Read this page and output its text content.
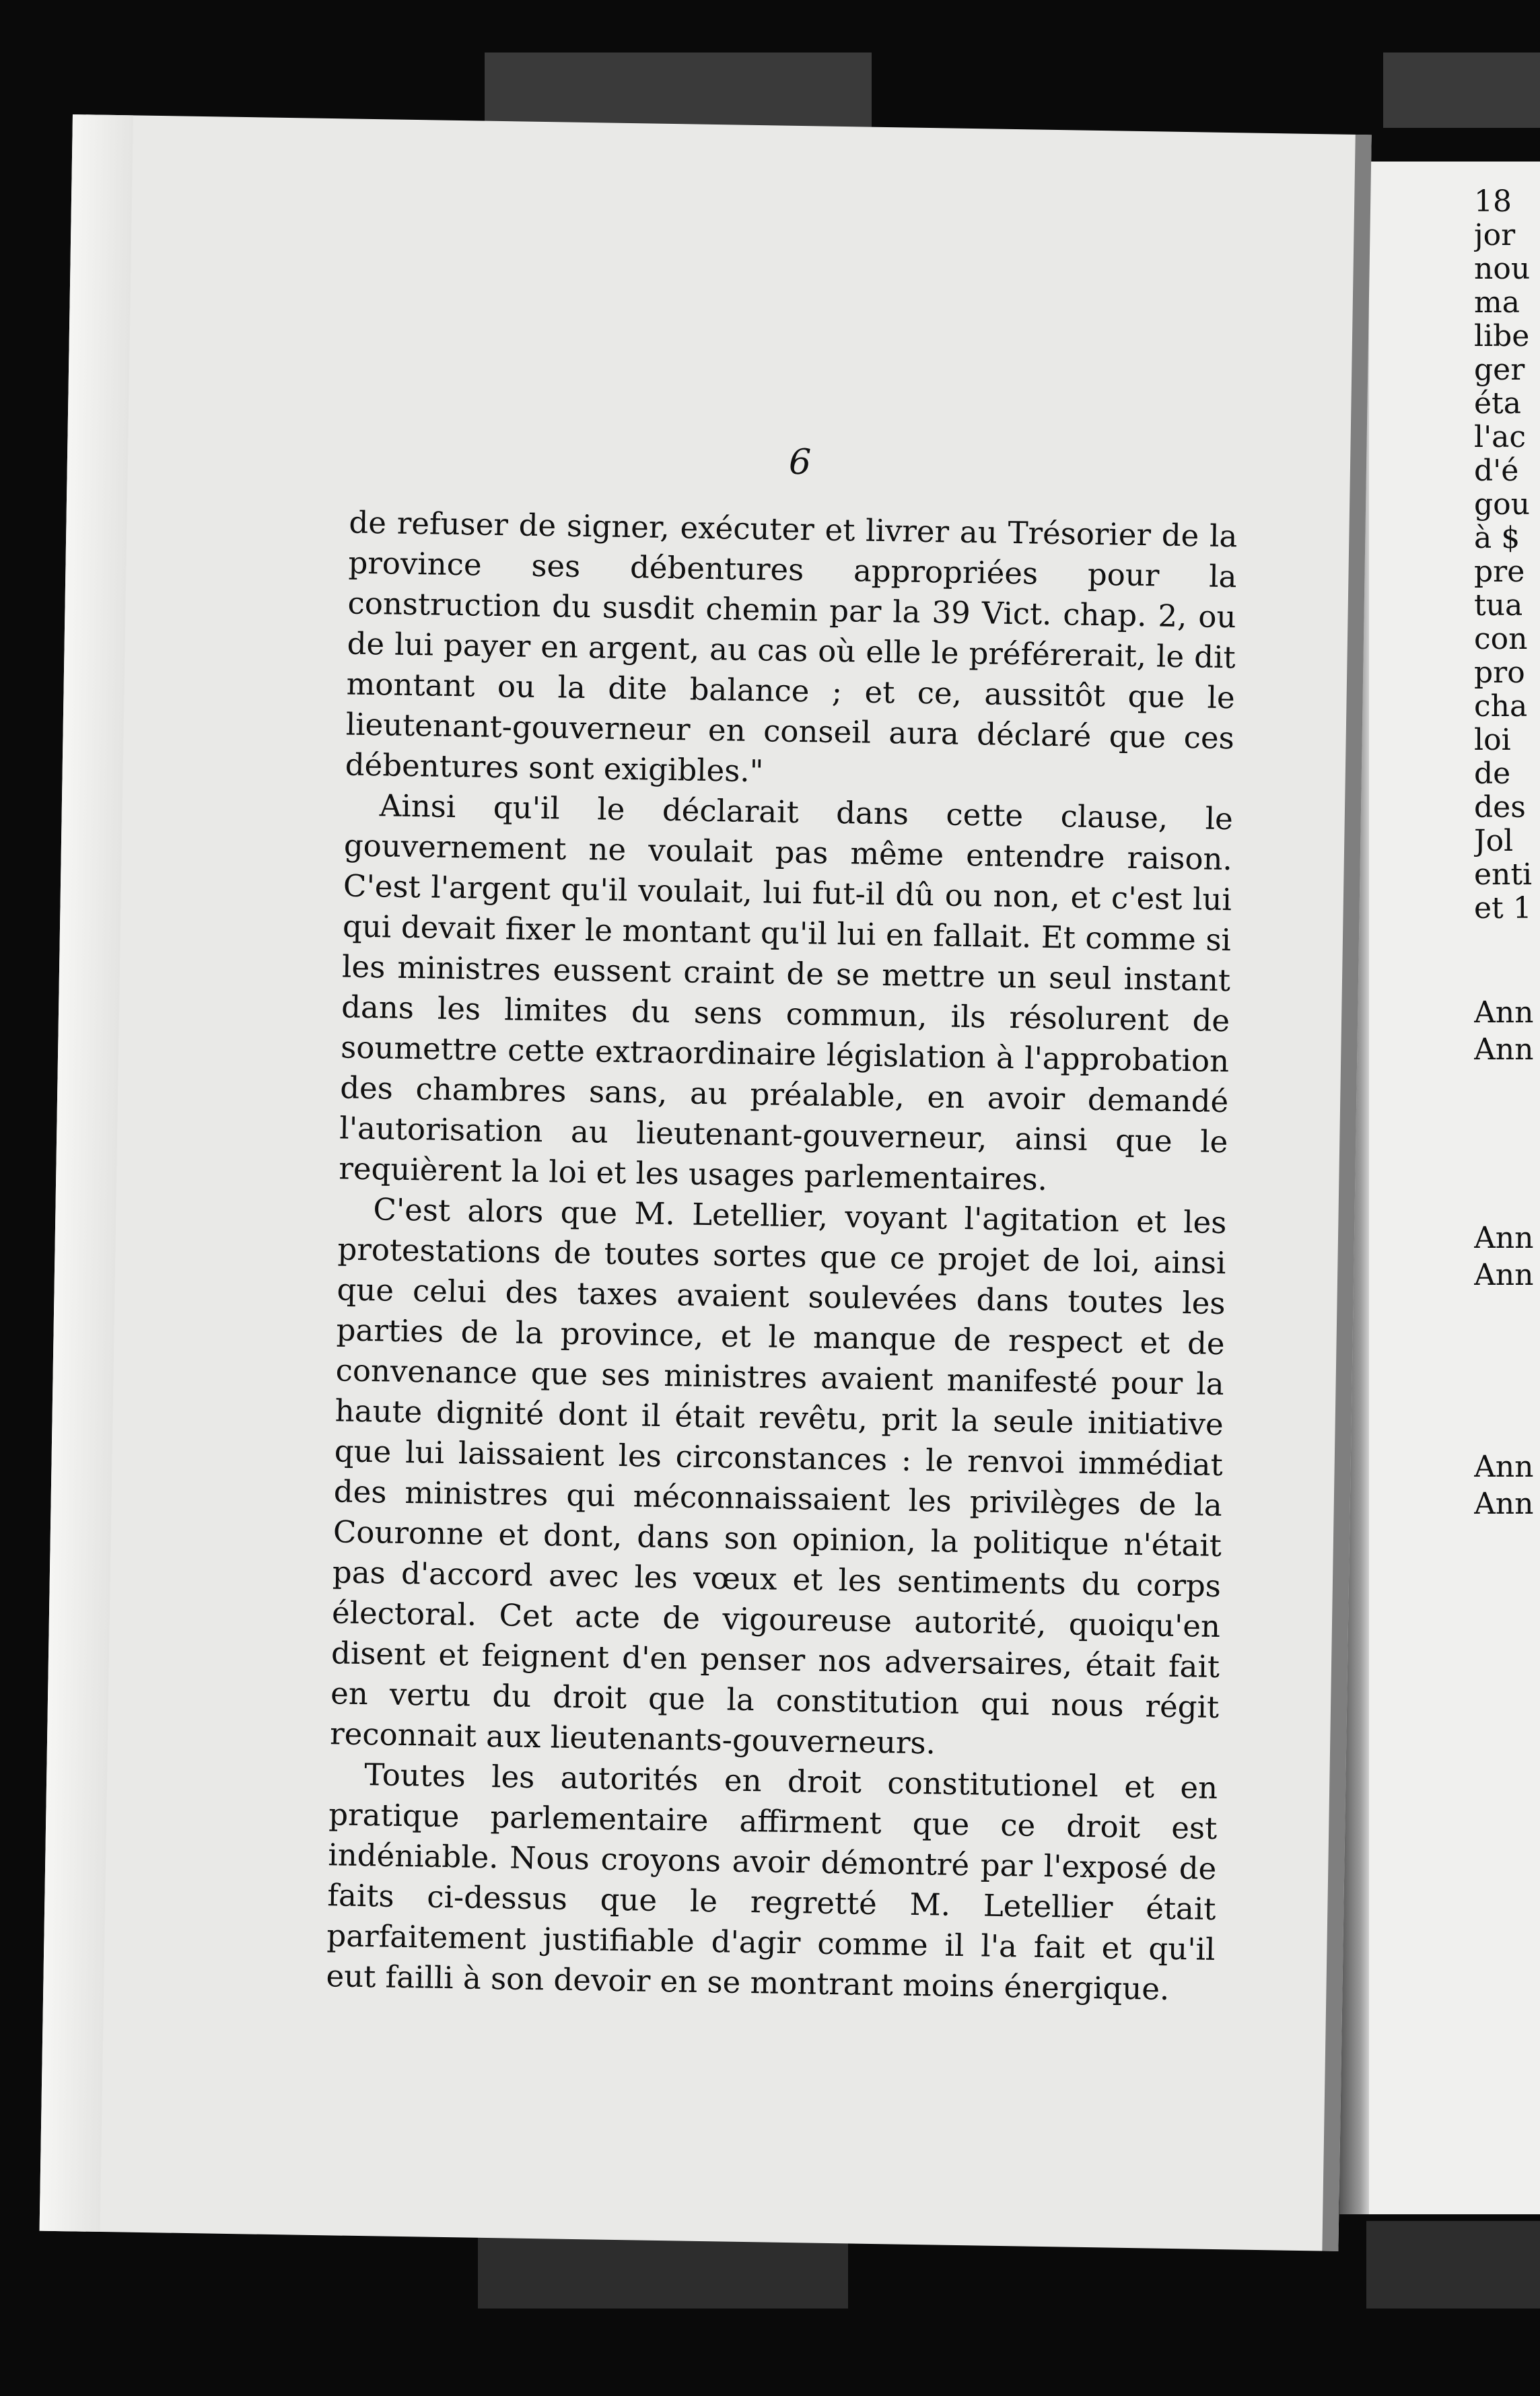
18
jor
nou
ma
libe
ger
éta
l'ac
d'é
gou
à $
pre
tua
con
pro
cha
loi
de
des
Jol
enti
et 1
Ann
Ann
Ann
Ann
Ann
Ann
6

de refuser de signer, exécuter et livrer au Trésorier de la province ses débentures appropriées pour la construction du susdit chemin par la 39 Vict. chap. 2, ou de lui payer en argent, au cas où elle le préférerait, le dit montant ou la dite balance ; et ce, aussitôt que le lieutenant-gouverneur en conseil aura déclaré que ces débentures sont exigibles."

Ainsi qu'il le déclarait dans cette clause, le gouvernement ne voulait pas même entendre raison. C'est l'argent qu'il voulait, lui fut-il dû ou non, et c'est lui qui devait fixer le montant qu'il lui en fallait. Et comme si les ministres eussent craint de se mettre un seul instant dans les limites du sens commun, ils résolurent de soumettre cette extraordinaire législation à l'approbation des chambres sans, au préalable, en avoir demandé l'autorisation au lieutenant-gouverneur, ainsi que le requièrent la loi et les usages parlementaires.

C'est alors que M. Letellier, voyant l'agitation et les protestations de toutes sortes que ce projet de loi, ainsi que celui des taxes avaient soulevées dans toutes les parties de la province, et le manque de respect et de convenance que ses ministres avaient manifesté pour la haute dignité dont il était revêtu, prit la seule initiative que lui laissaient les circonstances : le renvoi immédiat des ministres qui méconnaissaient les privilèges de la Couronne et dont, dans son opinion, la politique n'était pas d'accord avec les vœux et les sentiments du corps électoral. Cet acte de vigoureuse autorité, quoiqu'en disent et feignent d'en penser nos adversaires, était fait en vertu du droit que la constitution qui nous régit reconnait aux lieutenants-gouverneurs.

Toutes les autorités en droit constitutionel et en pratique parlementaire affirment que ce droit est indéniable. Nous croyons avoir démontré par l'exposé de faits ci-dessus que le regretté M. Letellier était parfaitement justifiable d'agir comme il l'a fait et qu'il eut failli à son devoir en se montrant moins énergique.
